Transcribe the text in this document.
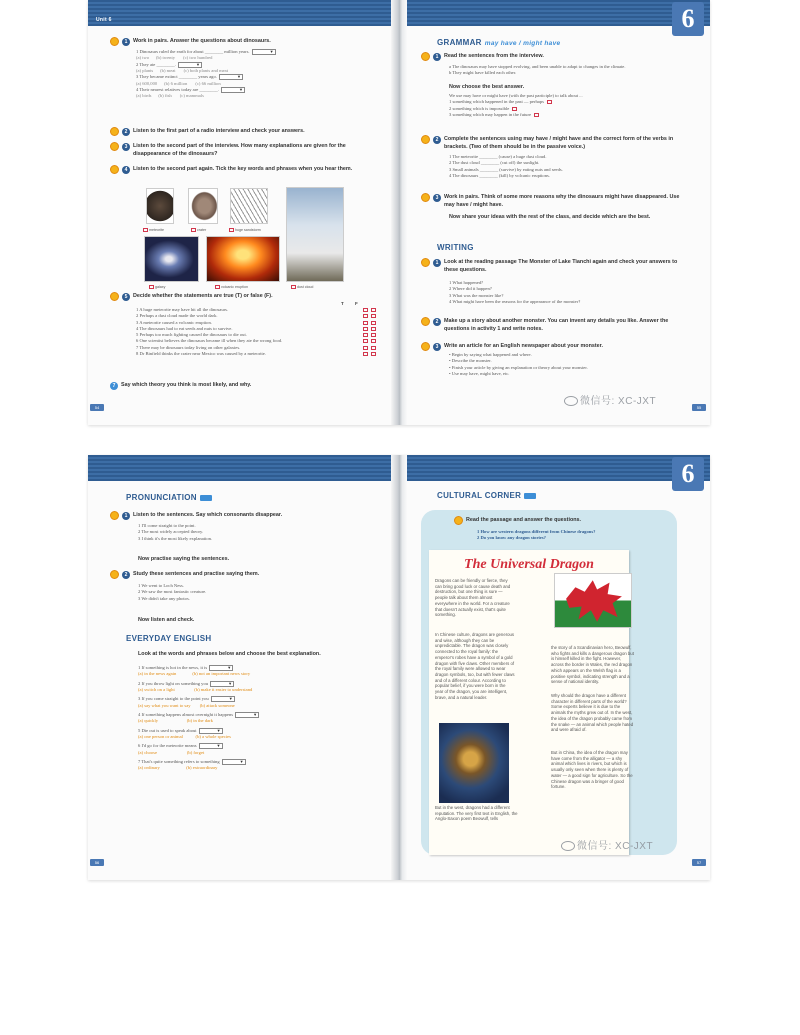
Unit 6
1	Work in pairs. Answer the questions about dinosaurs.
1 Dinosaurs ruled the earth for about ________ million years.▼
(a) two (b) twenty (c) two hundred
2 They ate ________.▼
(a) plants (b) meat (c) both plants and meat
3 They became extinct ________ years ago.▼
(a) 600,000 (b) 6 million (c) 66 million
4 Their nearest relatives today are ________.▼
(a) birds (b) fish (c) mammals
2	Listen to the first part of a radio interview and check your answers.
3	Listen to the second part of the interview. How many explanations are given for the disappearance of the dinosaurs?
4	Listen to the second part again. Tick the key words and phrases when you hear them.
meteorite	crater	huge sandstorm
galaxy	volcanic eruption	dust cloud
5	Decide whether the statements are true (T) or false (F).
T	F
1 A huge meteorite may have hit all the dinosaurs.
2 Perhaps a dust cloud made the world dark.
3 A meteorite caused a volcanic eruption.
4 The dinosaurs had to eat seeds and nuts to survive.
5 Perhaps too much fighting caused the dinosaurs to die out.
6 One scientist believes the dinosaurs became ill when they ate the wrong food.
7 There may be dinosaurs today living on other galaxies.
8 Dr Binfield thinks the crater near Mexico was caused by a meteorite.
7	Say which theory you think is most likely, and why.
54
6
GRAMMAR may have / might have
1	Read the sentences from the interview.
a The dinosaurs may have stopped evolving, and been unable to adapt to changes in the climate.
b They might have killed each other.
Now choose the best answer.
We use may have or might have (with the past participle) to talk about ...
1 something which happened in the past — perhaps
2 something which is impossible
3 something which may happen in the future
2	Complete the sentences using may have / might have and the correct form of the verbs in brackets. (Two of them should be in the passive voice.)
1 The meteorite ________ (cause) a huge dust cloud.
2 The dust cloud ________ (cut off) the sunlight.
3 Small animals ________ (survive) by eating nuts and seeds.
4 The dinosaurs ________ (kill) by volcanic eruptions.
3	Work in pairs. Think of some more reasons why the dinosaurs might have disappeared. Use may have / might have.
Now share your ideas with the rest of the class, and decide which are the best.
WRITING
1	Look at the reading passage The Monster of Lake Tianchi again and check your answers to these questions.
1 What happened?
2 Where did it happen?
3 What was the monster like?
4 What might have been the reasons for the appearance of the monster?
2	Make up a story about another monster. You can invent any details you like. Answer the questions in activity 1 and write notes.
3	Write an article for an English newspaper about your monster.
• Begin by saying what happened and where.
• Describe the monster.
• Finish your article by giving an explanation or theory about your monster.
• Use may have, might have, etc.
微信号: XC-JXT
55
PRONUNCIATION
1	Listen to the sentences. Say which consonants disappear.
1 I'll come straight to the point.
2 The most widely accepted theory.
3 I think it's the most likely explanation.
Now practise saying the sentences.
2	Study these sentences and practise saying them.
1 We went to Loch Ness.
2 We saw the most fantastic creature.
3 We didn't take any photos.
Now listen and check.
EVERYDAY ENGLISH
Look at the words and phrases below and choose the best explanation.
1 If something is hot in the news, it is▼
(a) in the news again	(b) not an important news story
2 If you throw light on something you▼
(a) switch on a light	(b) make it easier to understand
3 If you come straight to the point you▼
(a) say what you want to say (b) attack someone
4 If something happens almost overnight it happens▼
(a) quickly	(b) in the dark
5 Die out is used to speak about▼
(a) one person or animal	(b) a whole species
6 I'd go for the meteorite means▼
(a) choose	(b) forget
7 That's quite something refers to something▼
(a) ordinary	(b) extraordinary
56
6
CULTURAL CORNER
Read the passage and answer the questions.
1 How are western dragons different from Chinese dragons?
2 Do you know any dragon stories?
The Universal Dragon
Dragons can be friendly or fierce, they can bring good luck or cause death and destruction, but one thing is sure — people talk about them almost everywhere in the world. For a creature that doesn't actually exist, that's quite something.
In Chinese culture, dragons are generous and wise, although they can be unpredictable. The dragon was closely connected to the royal family: the emperor's robes have a symbol of a gold dragon with five claws. Other members of the royal family were allowed to wear dragon symbols, too, but with fewer claws and of a different colour. According to popular belief, if you were born in the year of the dragon, you are intelligent, brave, and a natural leader.
But in the west, dragons had a different reputation. The very first text in English, the Anglo-Saxon poem Beowulf, tells
the story of a Scandinavian hero, Beowulf, who fights and kills a dangerous dragon but is himself killed in the fight. However, across the border in Wales, the red dragon which appears on the Welsh flag is a positive symbol, indicating strength and a sense of national identity.
Why should the dragon have a different character in different parts of the world? Some experts believe it is due to the animals the myths grew out of. In the west, the idea of the dragon probably came from the snake — an animal which people hated and were afraid of.
But in China, the idea of the dragon may have come from the alligator — a shy animal which lives in rivers, but which is usually only seen when there is plenty of water — a good sign for agriculture. So the Chinese dragon was a bringer of good fortune.
微信号: XC-JXT
57
